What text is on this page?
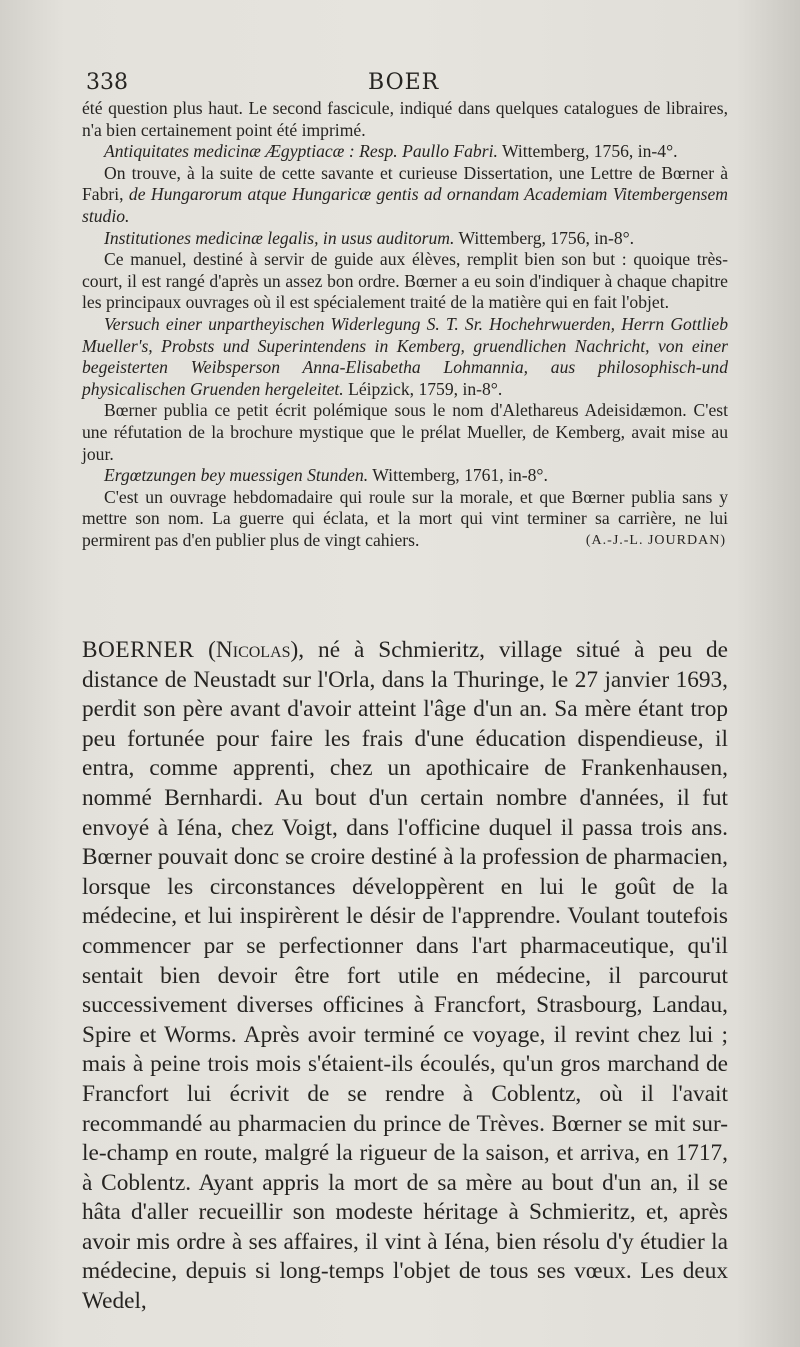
338	BOER

été question plus haut. Le second fascicule, indiqué dans quelques catalogues de libraires, n'a bien certainement point été imprimé.

Antiquitates medicinæ Ægyptiacæ : Resp. Paullo Fabri. Wittemberg, 1756, in-4°.

On trouve, à la suite de cette savante et curieuse Dissertation, une Lettre de Bœrner à Fabri, de Hungarorum atque Hungaricæ gentis ad ornandam Academiam Vitembergensem studio.

Institutiones medicinæ legalis, in usus auditorum. Wittemberg, 1756, in-8°.

Ce manuel, destiné à servir de guide aux élèves, remplit bien son but : quoique très-court, il est rangé d'après un assez bon ordre. Bœrner a eu soin d'indiquer à chaque chapitre les principaux ouvrages où il est spécialement traité de la matière qui en fait l'objet.

Versuch einer unpartheyischen Widerlegung S. T. Sr. Hochehrwuerden, Herrn Gottlieb Mueller's, Probsts und Superintendens in Kemberg, gruendlichen Nachricht, von einer begeisterten Weibsperson Anna-Elisabetha Lohmannia, aus philosophisch-und physicalischen Gruenden hergeleitet. Léipzick, 1759, in-8°.

Bœrner publia ce petit écrit polémique sous le nom d'Alethareus Adeisidæmon. C'est une réfutation de la brochure mystique que le prélat Mueller, de Kemberg, avait mise au jour.

Ergœtzungen bey muessigen Stunden. Wittemberg, 1761, in-8°.

C'est un ouvrage hebdomadaire qui roule sur la morale, et que Bœrner publia sans y mettre son nom. La guerre qui éclata, et la mort qui vint terminer sa carrière, ne lui permirent pas d'en publier plus de vingt cahiers.	(A.-J.-L. JOURDAN)

BOERNER (Nicolas), né à Schmieritz, village situé à peu de distance de Neustadt sur l'Orla, dans la Thuringe, le 27 janvier 1693, perdit son père avant d'avoir atteint l'âge d'un an. Sa mère étant trop peu fortunée pour faire les frais d'une éducation dispendieuse, il entra, comme apprenti, chez un apothicaire de Frankenhausen, nommé Bernhardi. Au bout d'un certain nombre d'années, il fut envoyé à Iéna, chez Voigt, dans l'officine duquel il passa trois ans. Bœrner pouvait donc se croire destiné à la profession de pharmacien, lorsque les circonstances développèrent en lui le goût de la médecine, et lui inspirèrent le désir de l'apprendre. Voulant toutefois commencer par se perfectionner dans l'art pharmaceutique, qu'il sentait bien devoir être fort utile en médecine, il parcourut successivement diverses officines à Francfort, Strasbourg, Landau, Spire et Worms. Après avoir terminé ce voyage, il revint chez lui ; mais à peine trois mois s'étaient-ils écoulés, qu'un gros marchand de Francfort lui écrivit de se rendre à Coblentz, où il l'avait recommandé au pharmacien du prince de Trèves. Bœrner se mit sur-le-champ en route, malgré la rigueur de la saison, et arriva, en 1717, à Coblentz. Ayant appris la mort de sa mère au bout d'un an, il se hâta d'aller recueillir son modeste héritage à Schmieritz, et, après avoir mis ordre à ses affaires, il vint à Iéna, bien résolu d'y étudier la médecine, depuis si long-temps l'objet de tous ses vœux. Les deux Wedel,
